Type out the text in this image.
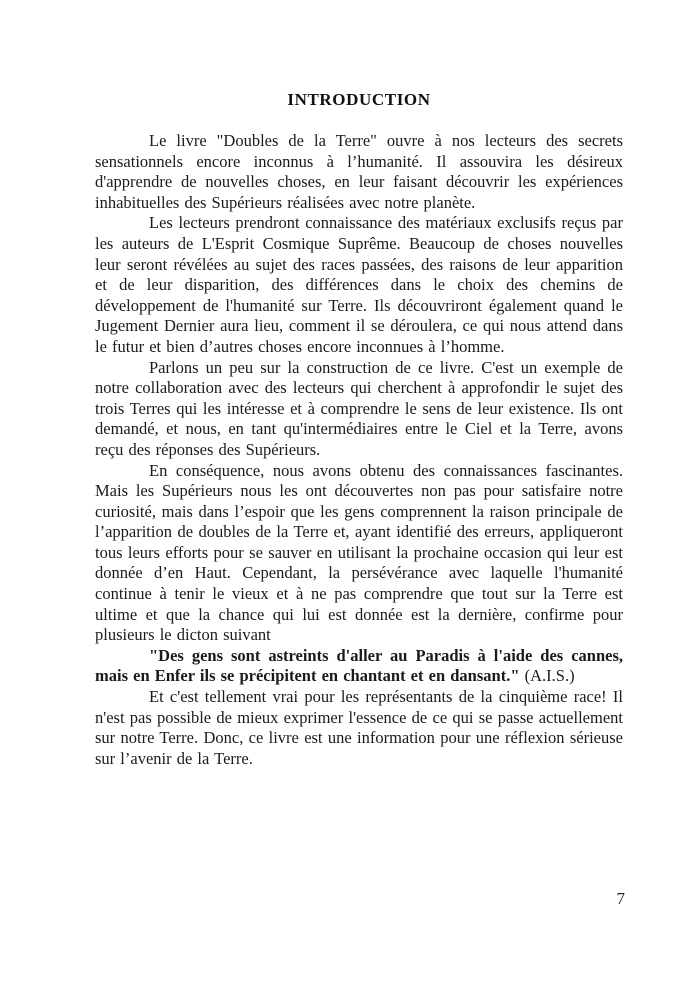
INTRODUCTION

Le livre "Doubles de la Terre" ouvre à nos lecteurs des secrets sensationnels encore inconnus à l’humanité. Il assouvira les désireux d'apprendre de nouvelles choses, en leur faisant découvrir les expériences inhabituelles des Supérieurs réalisées avec notre planète.

Les lecteurs prendront connaissance des matériaux exclusifs reçus par les auteurs de L'Esprit Cosmique Suprême. Beaucoup de choses nouvelles leur seront révélées au sujet des races passées, des raisons de leur apparition et de leur disparition, des différences dans le choix des chemins de développement de l'humanité sur Terre. Ils découvriront également quand le Jugement Dernier aura lieu, comment il se déroulera, ce qui nous attend dans le futur et bien d’autres choses encore inconnues à l’homme.

Parlons un peu sur la construction de ce livre. C'est un exemple de notre collaboration avec des lecteurs qui cherchent à approfondir le sujet des trois Terres qui les intéresse et à comprendre le sens de leur existence. Ils ont demandé, et nous, en tant qu'intermédiaires entre le Ciel et la Terre, avons reçu des réponses des Supérieurs.

En conséquence, nous avons obtenu des connaissances fascinantes. Mais les Supérieurs nous les ont découvertes non pas pour satisfaire notre curiosité, mais dans l’espoir que les gens comprennent la raison principale de l’apparition de doubles de la Terre et, ayant identifié des erreurs, appliqueront tous leurs efforts pour se sauver en utilisant la prochaine occasion qui leur est donnée d’en Haut. Cependant, la persévérance avec laquelle l'humanité continue à tenir le vieux et à ne pas comprendre que tout sur la Terre est ultime et que la chance qui lui est donnée est la dernière, confirme pour plusieurs le dicton suivant

"Des gens sont astreints d'aller au Paradis à l'aide des cannes, mais en Enfer ils se précipitent en chantant et en dansant." (A.I.S.)

Et c'est tellement vrai pour les représentants de la cinquième race! Il n'est pas possible de mieux exprimer l'essence de ce qui se passe actuellement sur notre Terre. Donc, ce livre est une information pour une réflexion sérieuse sur l’avenir de la Terre.

7
